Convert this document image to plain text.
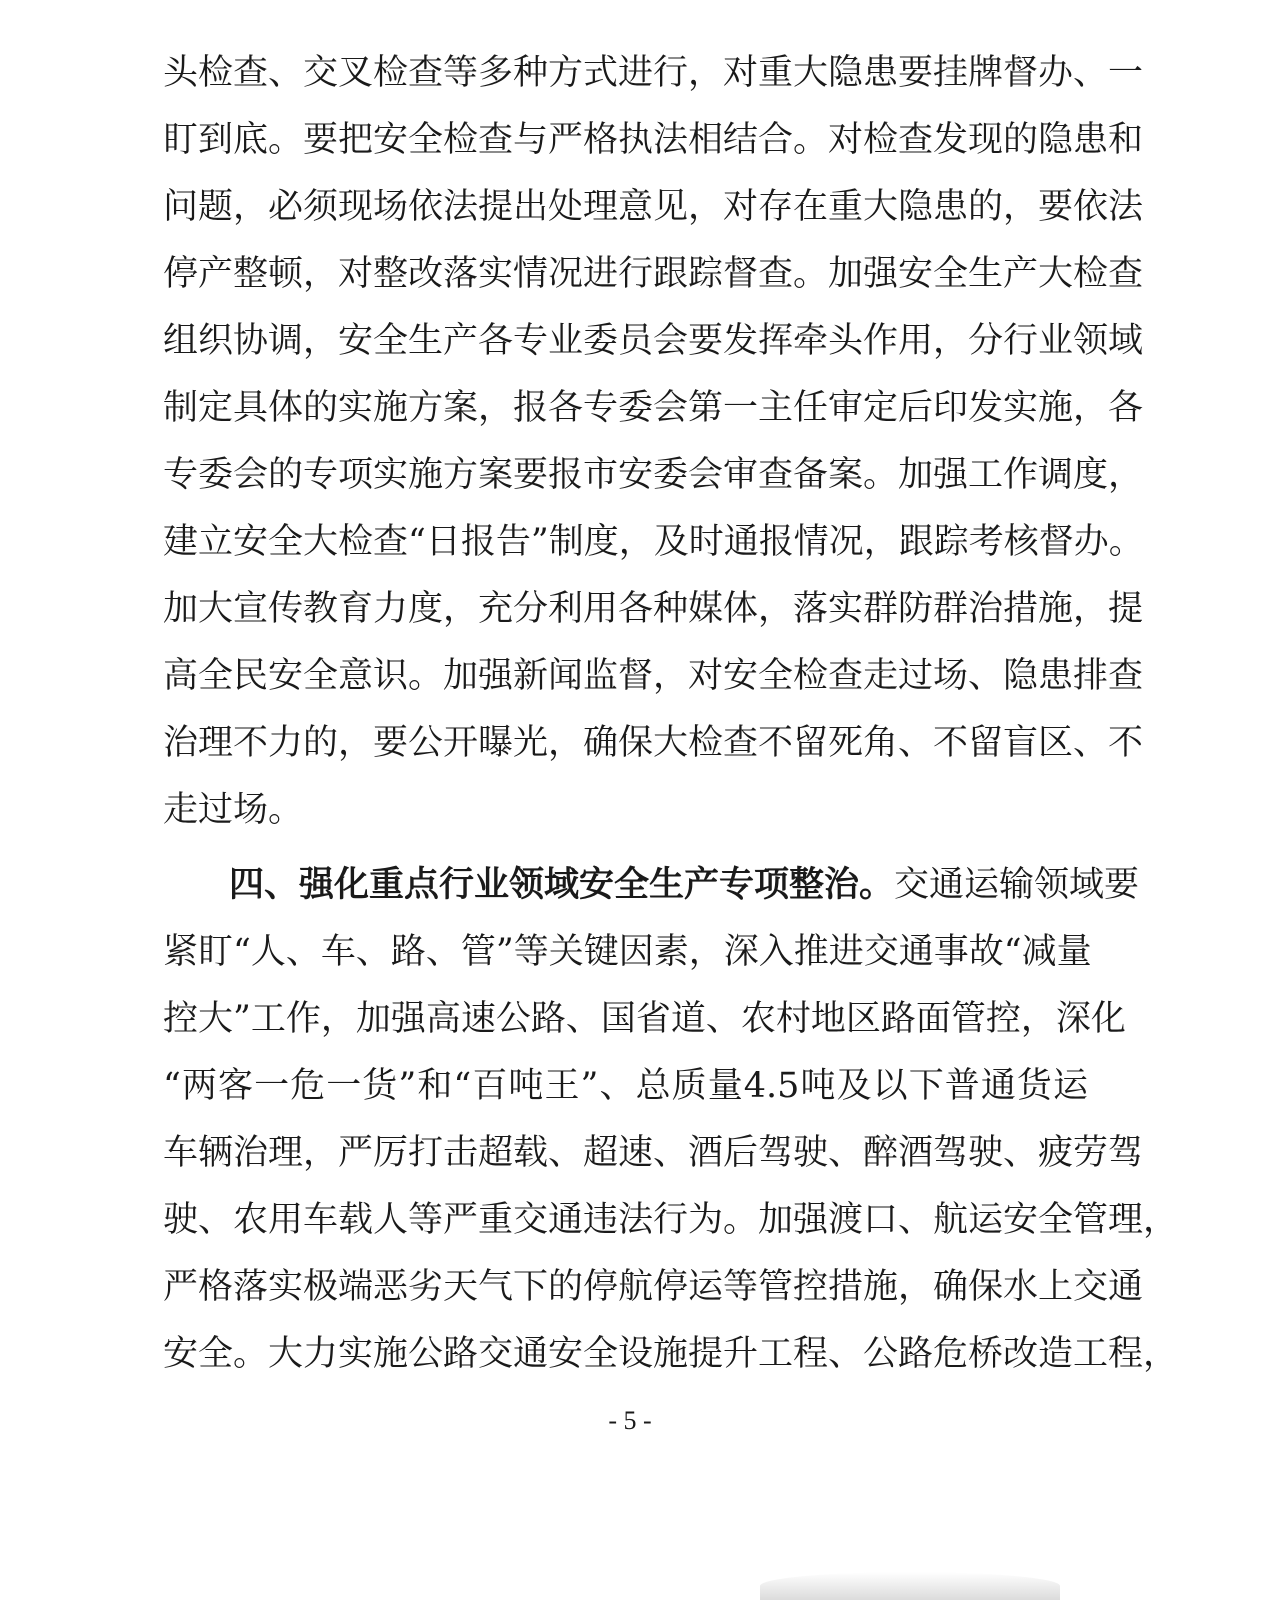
头检查、交叉检查等多种方式进行，对重大隐患要挂牌督办、一
盯到底。要把安全检查与严格执法相结合。对检查发现的隐患和
问题，必须现场依法提出处理意见，对存在重大隐患的，要依法
停产整顿，对整改落实情况进行跟踪督查。加强安全生产大检查
组织协调，安全生产各专业委员会要发挥牵头作用，分行业领域
制定具体的实施方案，报各专委会第一主任审定后印发实施，各
专委会的专项实施方案要报市安委会审查备案。加强工作调度，
建立安全大检查“日报告”制度，及时通报情况，跟踪考核督办。
加大宣传教育力度，充分利用各种媒体，落实群防群治措施，提
高全民安全意识。加强新闻监督，对安全检查走过场、隐患排查
治理不力的，要公开曝光，确保大检查不留死角、不留盲区、不
走过场。
四、强化重点行业领域安全生产专项整治。交通运输领域要
紧盯“人、车、路、管”等关键因素，深入推进交通事故“减量
控大”工作，加强高速公路、国省道、农村地区路面管控，深化
“两客一危一货”和“百吨王”、总质量4.5吨及以下普通货运
车辆治理，严厉打击超载、超速、酒后驾驶、醉酒驾驶、疲劳驾
驶、农用车载人等严重交通违法行为。加强渡口、航运安全管理，
严格落实极端恶劣天气下的停航停运等管控措施，确保水上交通
安全。大力实施公路交通安全设施提升工程、公路危桥改造工程，
- 5 -
